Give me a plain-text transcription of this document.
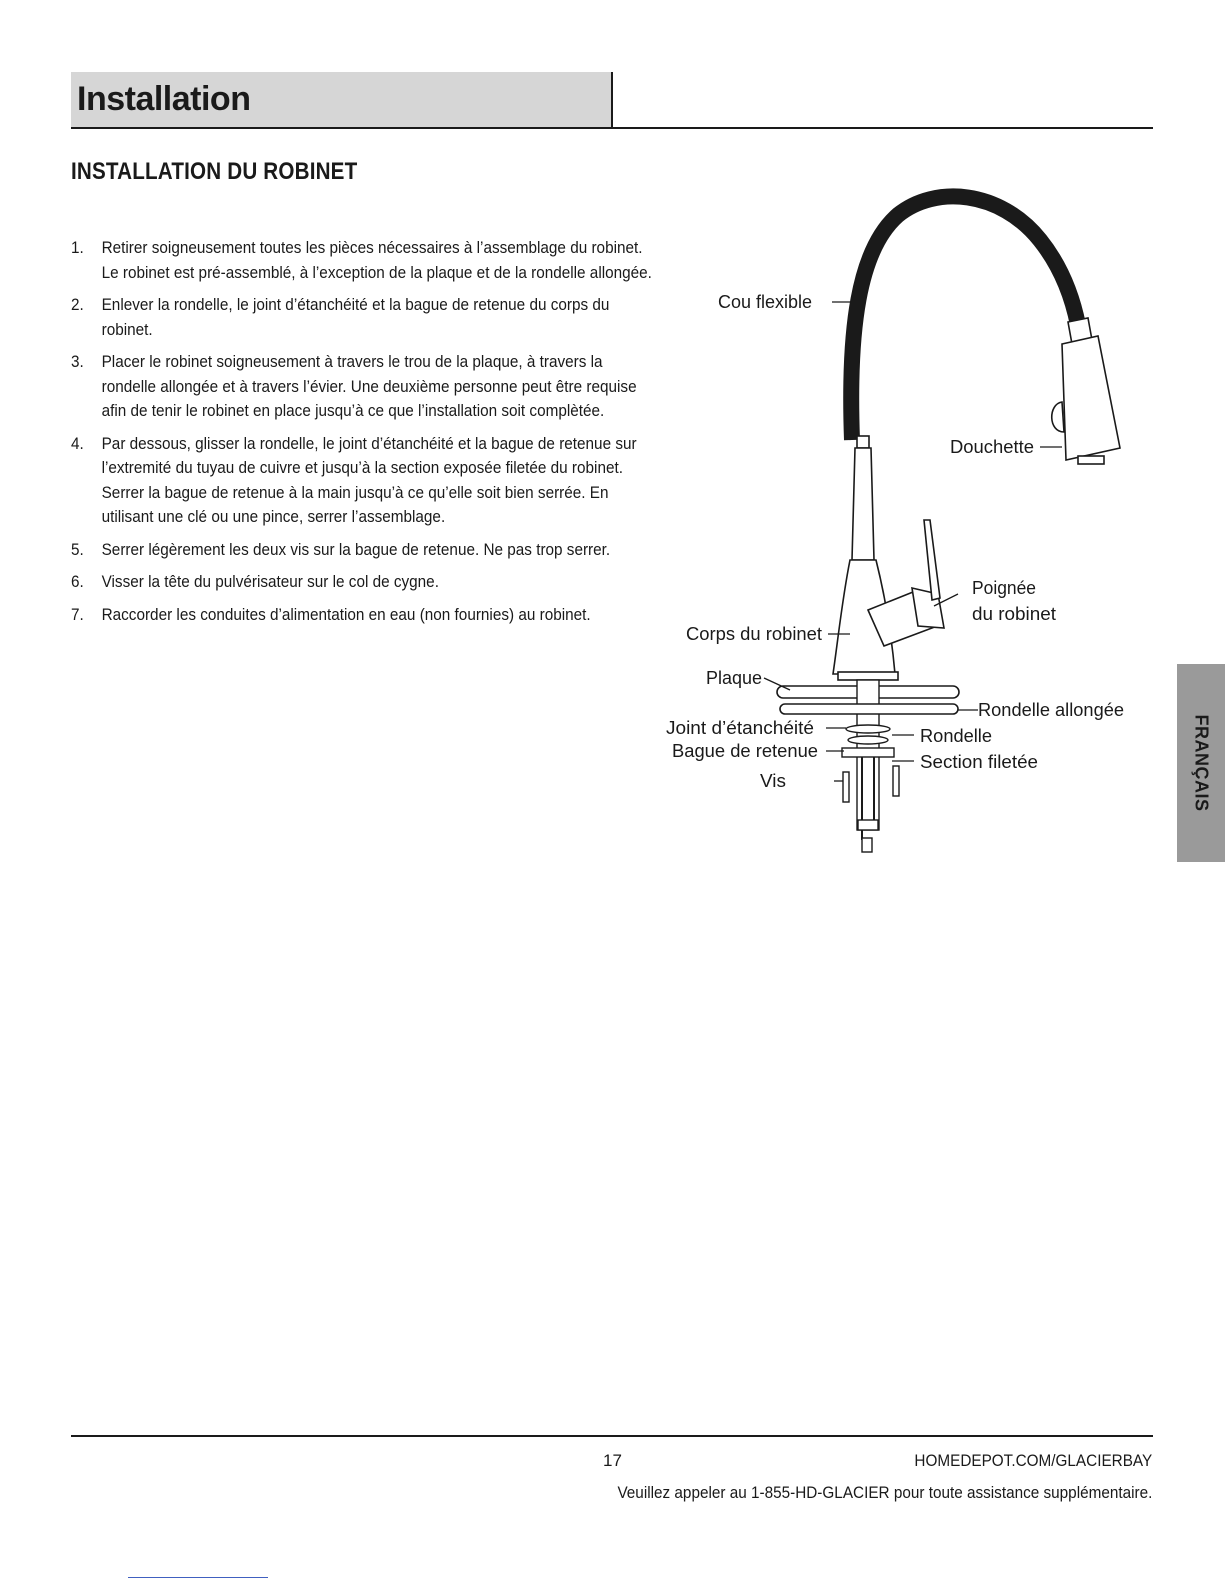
Installation
INSTALLATION DU ROBINET
1. Retirer soigneusement toutes les pièces nécessaires à l’assemblage du robinet. Le robinet est pré-assemblé, à l’exception de la plaque et de la rondelle allongée.
2. Enlever la rondelle, le joint d’étanchéité et la bague de retenue du corps du robinet.
3. Placer le robinet soigneusement à travers le trou de la plaque, à travers la rondelle allongée et à travers l’évier. Une deuxième personne peut être requise afin de tenir le robinet en place jusqu’à ce que l’installation soit complètée.
4. Par dessous, glisser la rondelle, le joint d’étanchéité et la bague de retenue sur l’extremité du tuyau de cuivre et jusqu’à la section exposée filetée du robinet. Serrer la bague de retenue à la main jusqu’à ce qu’elle soit bien serrée. En utilisant une clé ou une pince, serrer l’assemblage.
5. Serrer légèrement les deux vis sur la bague de retenue. Ne pas trop serrer.
6. Visser la tête du pulvérisateur sur le col de cygne.
7. Raccorder les conduites d’alimentation en eau (non fournies) au robinet.
Cou flexible
Douchette
Poignée
du robinet
Corps du robinet
Plaque
Rondelle allongée
Joint d’étanchéité	Rondelle
Bague de retenue
Section filetée
Vis	FRANÇAIS
17	HOMEDEPOT.COM/GLACIERBAY
Veuillez appeler au 1-855-HD-GLACIER pour toute assistance supplémentaire.
